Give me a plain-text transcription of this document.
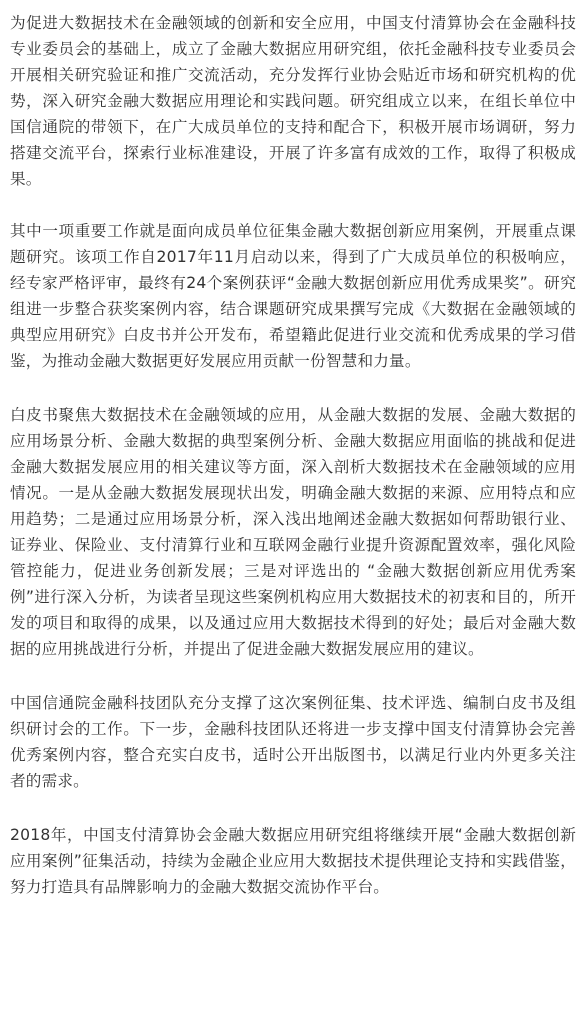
为促进大数据技术在金融领域的创新和安全应用，中国支付清算协会在金融科技专业委员会的基础上，成立了金融大数据应用研究组，依托金融科技专业委员会开展相关研究验证和推广交流活动，充分发挥行业协会贴近市场和研究机构的优势，深入研究金融大数据应用理论和实践问题。研究组成立以来，在组长单位中国信通院的带领下，在广大成员单位的支持和配合下，积极开展市场调研，努力搭建交流平台，探索行业标准建设，开展了许多富有成效的工作，取得了积极成果。

其中一项重要工作就是面向成员单位征集金融大数据创新应用案例，开展重点课题研究。该项工作自2017年11月启动以来，得到了广大成员单位的积极响应，经专家严格评审，最终有24个案例获评“金融大数据创新应用优秀成果奖”。研究组进一步整合获奖案例内容，结合课题研究成果撰写完成《大数据在金融领域的典型应用研究》白皮书并公开发布，希望籍此促进行业交流和优秀成果的学习借鉴，为推动金融大数据更好发展应用贡献一份智慧和力量。

白皮书聚焦大数据技术在金融领域的应用，从金融大数据的发展、金融大数据的应用场景分析、金融大数据的典型案例分析、金融大数据应用面临的挑战和促进金融大数据发展应用的相关建议等方面，深入剖析大数据技术在金融领域的应用情况。一是从金融大数据发展现状出发，明确金融大数据的来源、应用特点和应用趋势；二是通过应用场景分析，深入浅出地阐述金融大数据如何帮助银行业、证券业、保险业、支付清算行业和互联网金融行业提升资源配置效率，强化风险管控能力，促进业务创新发展；三是对评选出的 “金融大数据创新应用优秀案例”进行深入分析，为读者呈现这些案例机构应用大数据技术的初衷和目的，所开发的项目和取得的成果，以及通过应用大数据技术得到的好处；最后对金融大数据的应用挑战进行分析，并提出了促进金融大数据发展应用的建议。

中国信通院金融科技团队充分支撑了这次案例征集、技术评选、编制白皮书及组织研讨会的工作。下一步，金融科技团队还将进一步支撑中国支付清算协会完善优秀案例内容，整合充实白皮书，适时公开出版图书，以满足行业内外更多关注者的需求。

2018年，中国支付清算协会金融大数据应用研究组将继续开展“金融大数据创新应用案例”征集活动，持续为金融企业应用大数据技术提供理论支持和实践借鉴，努力打造具有品牌影响力的金融大数据交流协作平台。
